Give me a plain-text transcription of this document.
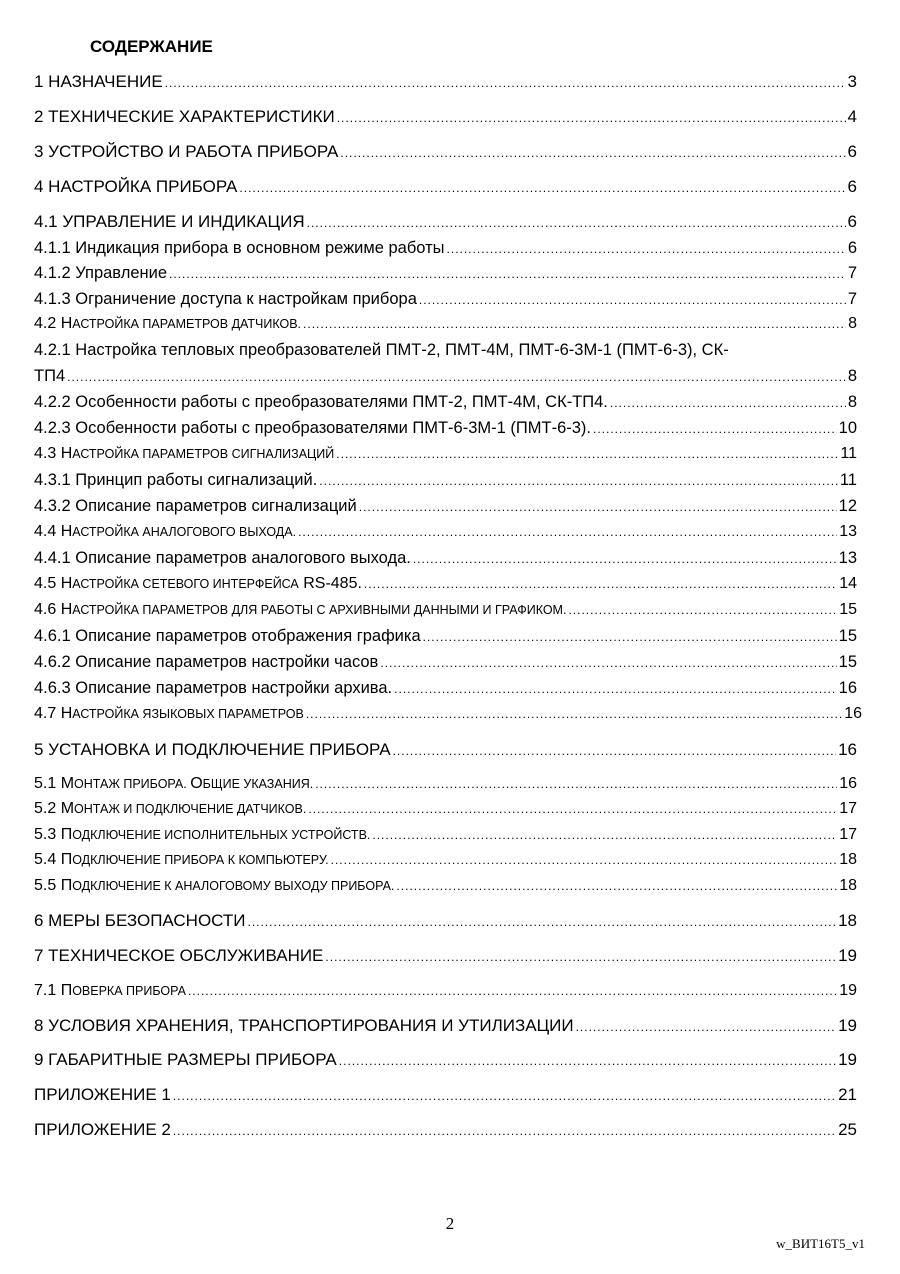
СОДЕРЖАНИЕ
1 НАЗНАЧЕНИЕ .....	3
2 ТЕХНИЧЕСКИЕ ХАРАКТЕРИСТИКИ .....	4
3 УСТРОЙСТВО И РАБОТА ПРИБОРА .....	6
4 НАСТРОЙКА ПРИБОРА .....	6
4.1 УПРАВЛЕНИЕ И ИНДИКАЦИЯ .....	6
4.1.1 Индикация прибора в основном режиме работы .....	6
4.1.2 Управление .....	7
4.1.3 Ограничение доступа к настройкам прибора .....	7
4.2 НАСТРОЙКА ПАРАМЕТРОВ ДАТЧИКОВ. .....	8
4.2.1 Настройка тепловых преобразователей ПМТ-2, ПМТ-4М, ПМТ-6-3М-1 (ПМТ-6-3), СК-
ТП4 .....	8
4.2.2 Особенности работы с преобразователями ПМТ-2, ПМТ-4М, СК-ТП4. .....	8
4.2.3 Особенности работы с преобразователями ПМТ-6-3М-1 (ПМТ-6-3). .....	10
4.3 НАСТРОЙКА ПАРАМЕТРОВ СИГНАЛИЗАЦИЙ .....	11
4.3.1 Принцип работы сигнализаций. .....	11
4.3.2 Описание параметров сигнализаций .....	12
4.4 НАСТРОЙКА АНАЛОГОВОГО ВЫХОДА. .....	13
4.4.1 Описание параметров аналогового выхода. .....	13
4.5 НАСТРОЙКА СЕТЕВОГО ИНТЕРФЕЙСА RS-485. .....	14
4.6 НАСТРОЙКА ПАРАМЕТРОВ ДЛЯ РАБОТЫ С АРХИВНЫМИ ДАННЫМИ И ГРАФИКОМ. .....	15
4.6.1 Описание параметров отображения графика .....	15
4.6.2 Описание параметров настройки часов .....	15
4.6.3 Описание параметров настройки архива. .....	16
4.7 НАСТРОЙКА ЯЗЫКОВЫХ ПАРАМЕТРОВ .....	16
5 УСТАНОВКА И ПОДКЛЮЧЕНИЕ ПРИБОРА .....	16
5.1 МОНТАЖ ПРИБОРА. ОБЩИЕ УКАЗАНИЯ. .....	16
5.2 МОНТАЖ И ПОДКЛЮЧЕНИЕ ДАТЧИКОВ. .....	17
5.3 ПОДКЛЮЧЕНИЕ ИСПОЛНИТЕЛЬНЫХ УСТРОЙСТВ. .....	17
5.4 ПОДКЛЮЧЕНИЕ ПРИБОРА К КОМПЬЮТЕРУ. .....	18
5.5 ПОДКЛЮЧЕНИЕ К АНАЛОГОВОМУ ВЫХОДУ ПРИБОРА. .....	18
6 МЕРЫ БЕЗОПАСНОСТИ .....	18
7 ТЕХНИЧЕСКОЕ ОБСЛУЖИВАНИЕ .....	19
7.1 ПОВЕРКА ПРИБОРА .....	19
8 УСЛОВИЯ ХРАНЕНИЯ, ТРАНСПОРТИРОВАНИЯ И УТИЛИЗАЦИИ .....	19
9 ГАБАРИТНЫЕ РАЗМЕРЫ ПРИБОРА .....	19
ПРИЛОЖЕНИЕ 1 .....	21
ПРИЛОЖЕНИЕ 2 .....	25
2
w_ВИТ16Т5_v1
